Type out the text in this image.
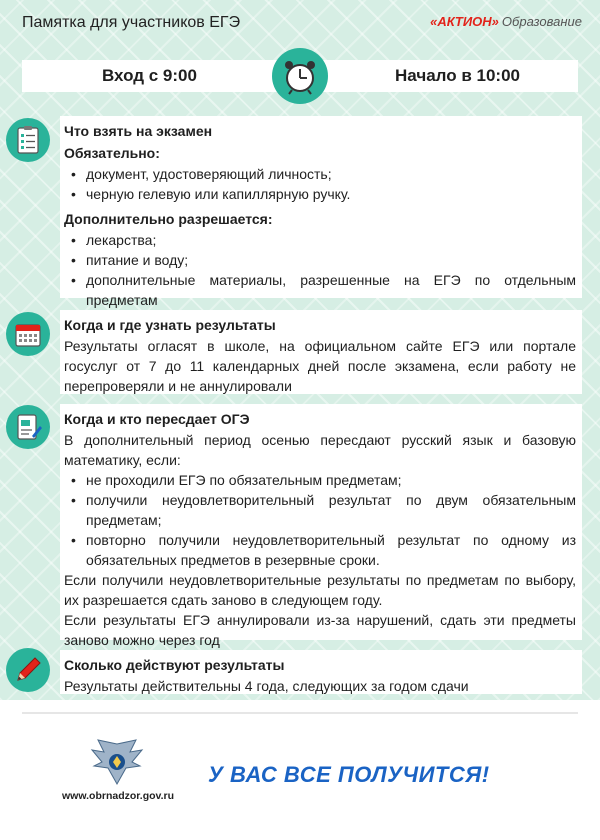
Памятка для участников ЕГЭ	«АКТИОН» Образование
Вход с 9:00	Начало в 10:00
Что взять на экзамен
Обязательно:
• документ, удостоверяющий личность;
• черную гелевую или капиллярную ручку.
Дополнительно разрешается:
• лекарства;
• питание и воду;
• дополнительные материалы, разрешенные на ЕГЭ по отдельным предметам
Когда и где узнать результаты
Результаты огласят в школе, на официальном сайте ЕГЭ или портале госуслуг от 7 до 11 календарных дней после экзамена, если работу не перепроверяли и не аннулировали
Когда и кто пересдает ОГЭ
В дополнительный период осенью пересдают русский язык и базовую математику, если:
• не проходили ЕГЭ по обязательным предметам;
• получили неудовлетворительный результат по двум обязательным предметам;
• повторно получили неудовлетворительный результат по одному из обязательных предметов в резервные сроки.
Если получили неудовлетворительные результаты по предметам по выбору, их разрешается сдать заново в следующем году.
Если результаты ЕГЭ аннулировали из-за нарушений, сдать эти предметы заново можно через год
Сколько действуют результаты
Результаты действительны 4 года, следующих за годом сдачи
www.obrnadzor.gov.ru
У ВАС ВСЕ ПОЛУЧИТСЯ!
